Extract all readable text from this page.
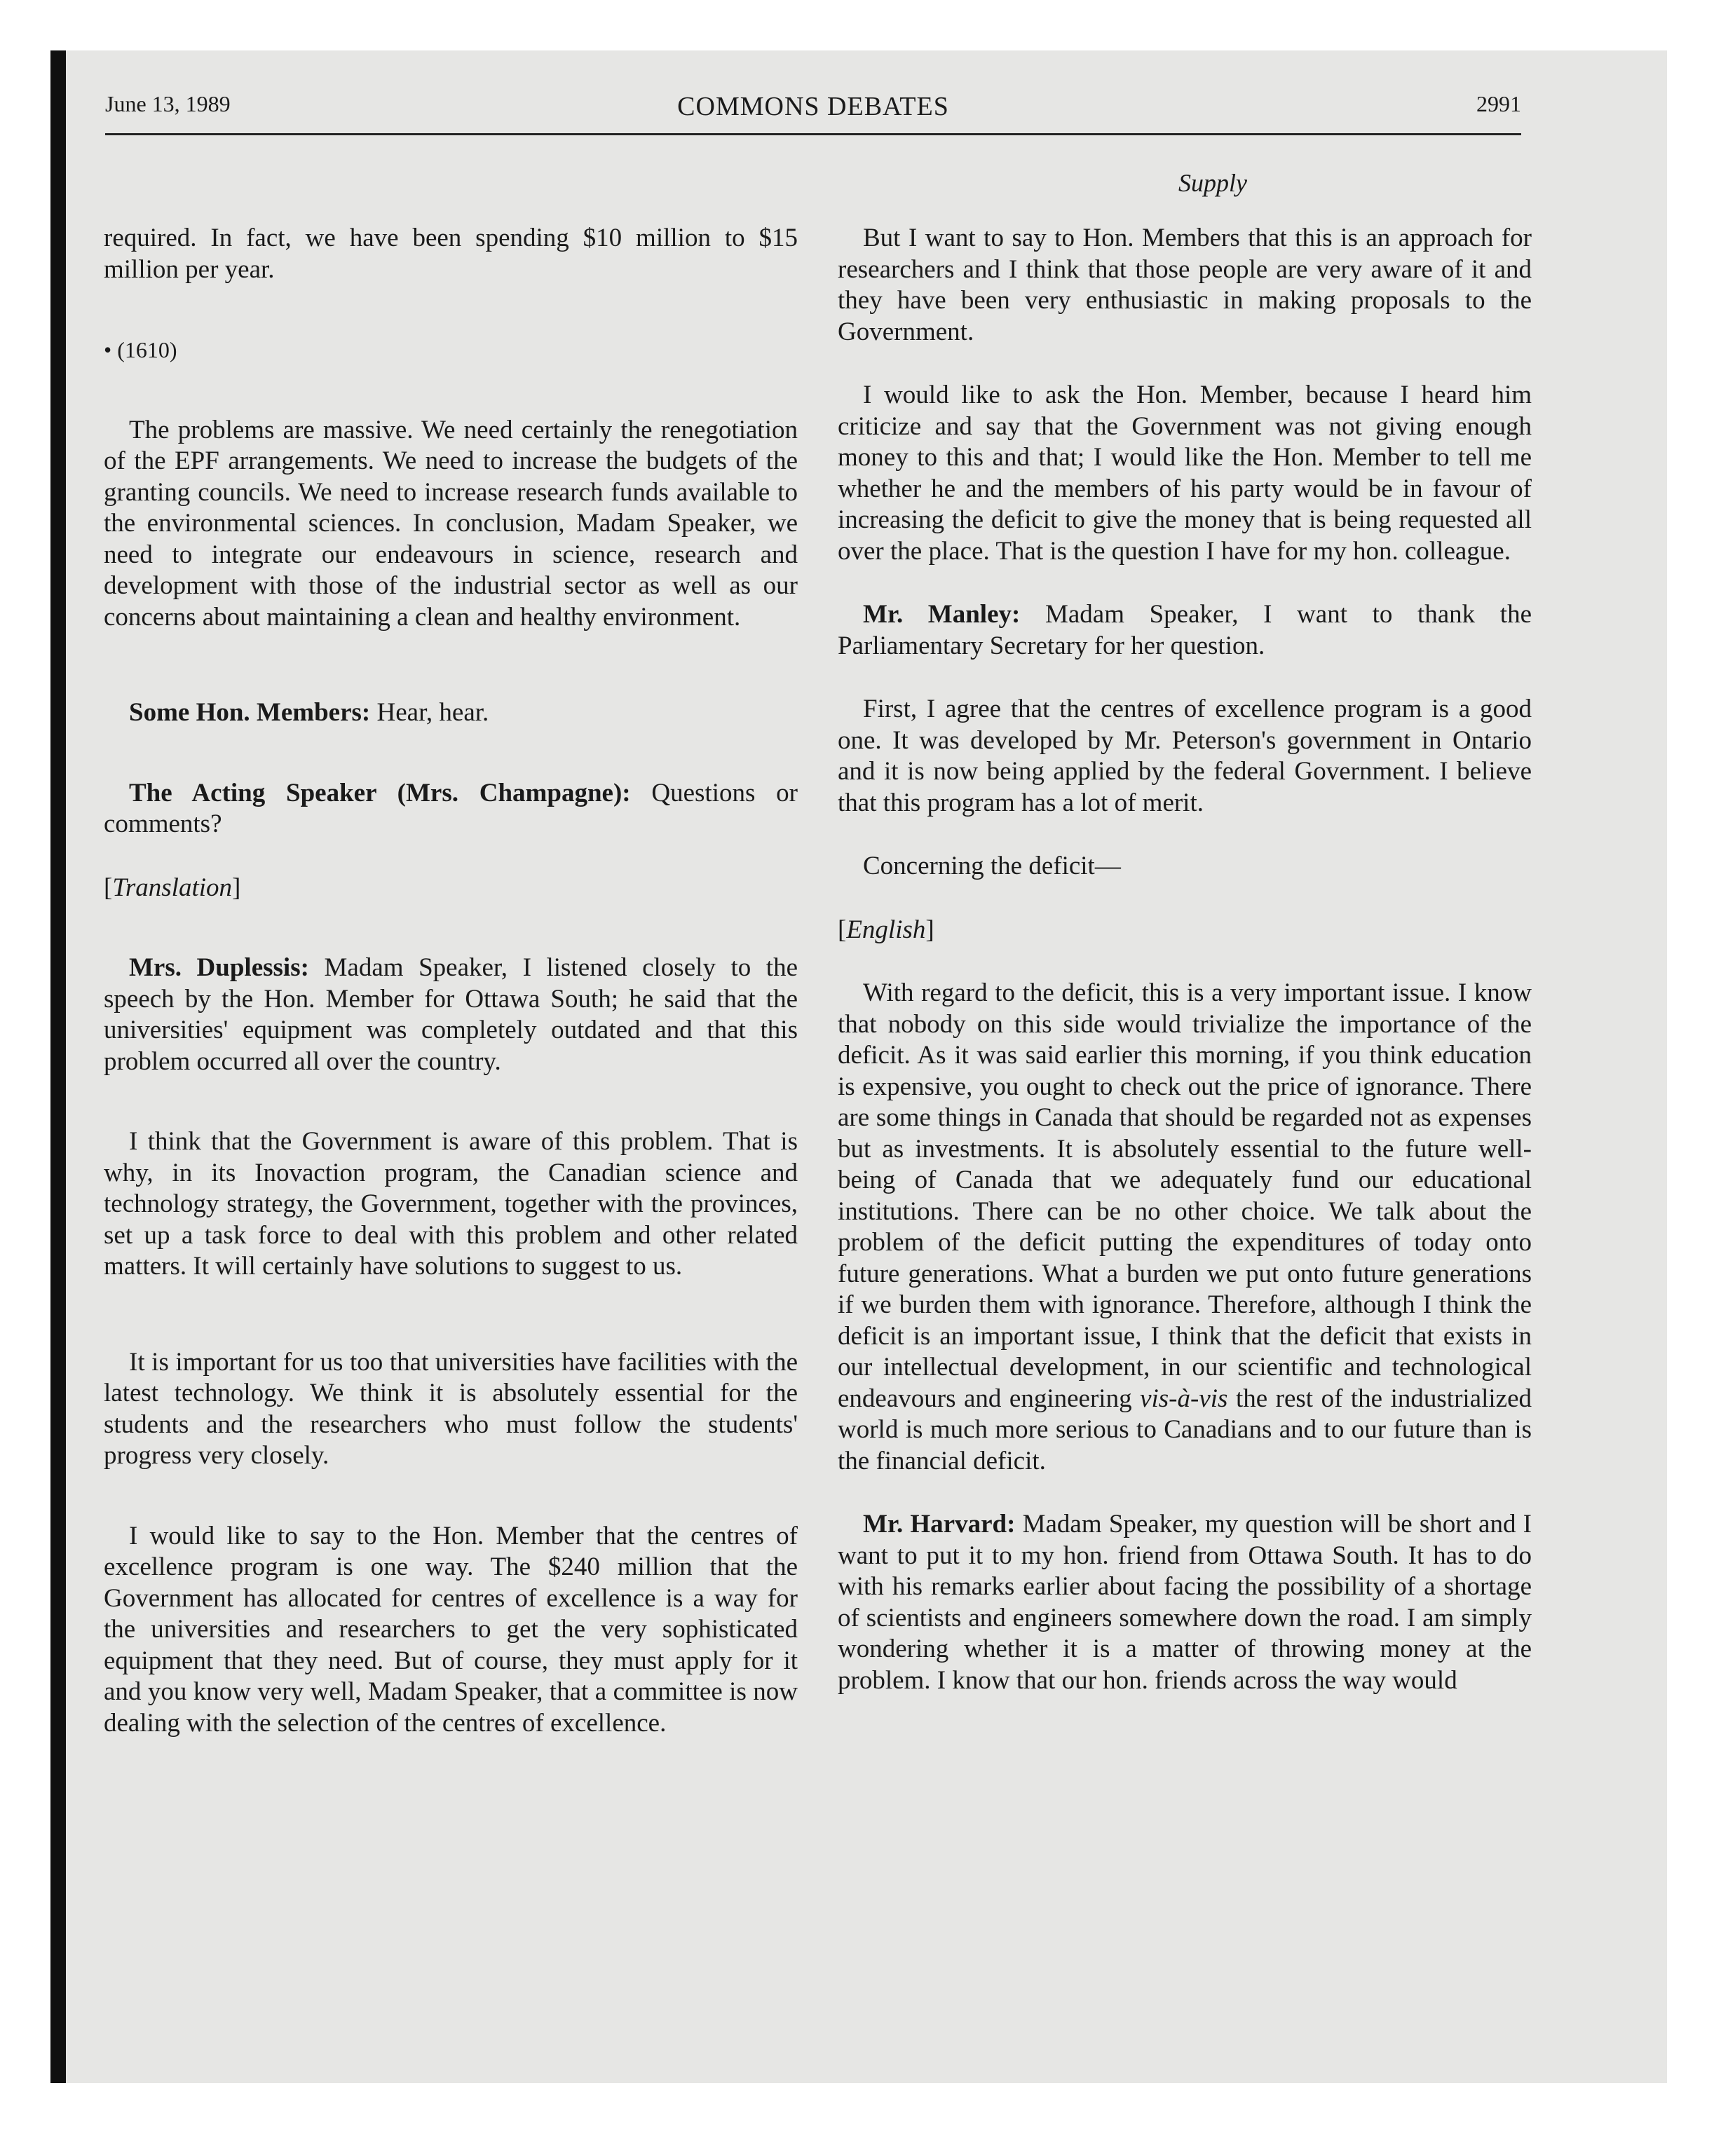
June 13, 1989	COMMONS DEBATES	2991
Supply

required. In fact, we have been spending $10 million to $15 million per year.

• (1610)

The problems are massive. We need certainly the renegotiation of the EPF arrangements. We need to increase the budgets of the granting councils. We need to increase research funds available to the environmental sciences. In conclusion, Madam Speaker, we need to integrate our endeavours in science, research and development with those of the industrial sector as well as our concerns about maintaining a clean and healthy environment.

Some Hon. Members: Hear, hear.

The Acting Speaker (Mrs. Champagne): Questions or comments?

[Translation]

Mrs. Duplessis: Madam Speaker, I listened closely to the speech by the Hon. Member for Ottawa South; he said that the universities' equipment was completely outdated and that this problem occurred all over the country.

I think that the Government is aware of this problem. That is why, in its Inovaction program, the Canadian science and technology strategy, the Government, together with the provinces, set up a task force to deal with this problem and other related matters. It will certainly have solutions to suggest to us.

It is important for us too that universities have facilities with the latest technology. We think it is absolutely essential for the students and the researchers who must follow the students' progress very closely.

I would like to say to the Hon. Member that the centres of excellence program is one way. The $240 million that the Government has allocated for centres of excellence is a way for the universities and researchers to get the very sophisticated equipment that they need. But of course, they must apply for it and you know very well, Madam Speaker, that a committee is now dealing with the selection of the centres of excellence.

But I want to say to Hon. Members that this is an approach for researchers and I think that those people are very aware of it and they have been very enthusiastic in making proposals to the Government.

I would like to ask the Hon. Member, because I heard him criticize and say that the Government was not giving enough money to this and that; I would like the Hon. Member to tell me whether he and the members of his party would be in favour of increasing the deficit to give the money that is being requested all over the place. That is the question I have for my hon. colleague.

Mr. Manley: Madam Speaker, I want to thank the Parliamentary Secretary for her question.

First, I agree that the centres of excellence program is a good one. It was developed by Mr. Peterson's government in Ontario and it is now being applied by the federal Government. I believe that this program has a lot of merit.

Concerning the deficit—

[English]

With regard to the deficit, this is a very important issue. I know that nobody on this side would trivialize the importance of the deficit. As it was said earlier this morning, if you think education is expensive, you ought to check out the price of ignorance. There are some things in Canada that should be regarded not as expenses but as investments. It is absolutely essential to the future well-being of Canada that we adequately fund our educational institutions. There can be no other choice. We talk about the problem of the deficit putting the expenditures of today onto future generations. What a burden we put onto future generations if we burden them with ignorance. Therefore, although I think the deficit is an important issue, I think that the deficit that exists in our intellectual development, in our scientific and technological endeavours and engineering vis-à-vis the rest of the industrialized world is much more serious to Canadians and to our future than is the financial deficit.

Mr. Harvard: Madam Speaker, my question will be short and I want to put it to my hon. friend from Ottawa South. It has to do with his remarks earlier about facing the possibility of a shortage of scientists and engineers somewhere down the road. I am simply wondering whether it is a matter of throwing money at the problem. I know that our hon. friends across the way would
